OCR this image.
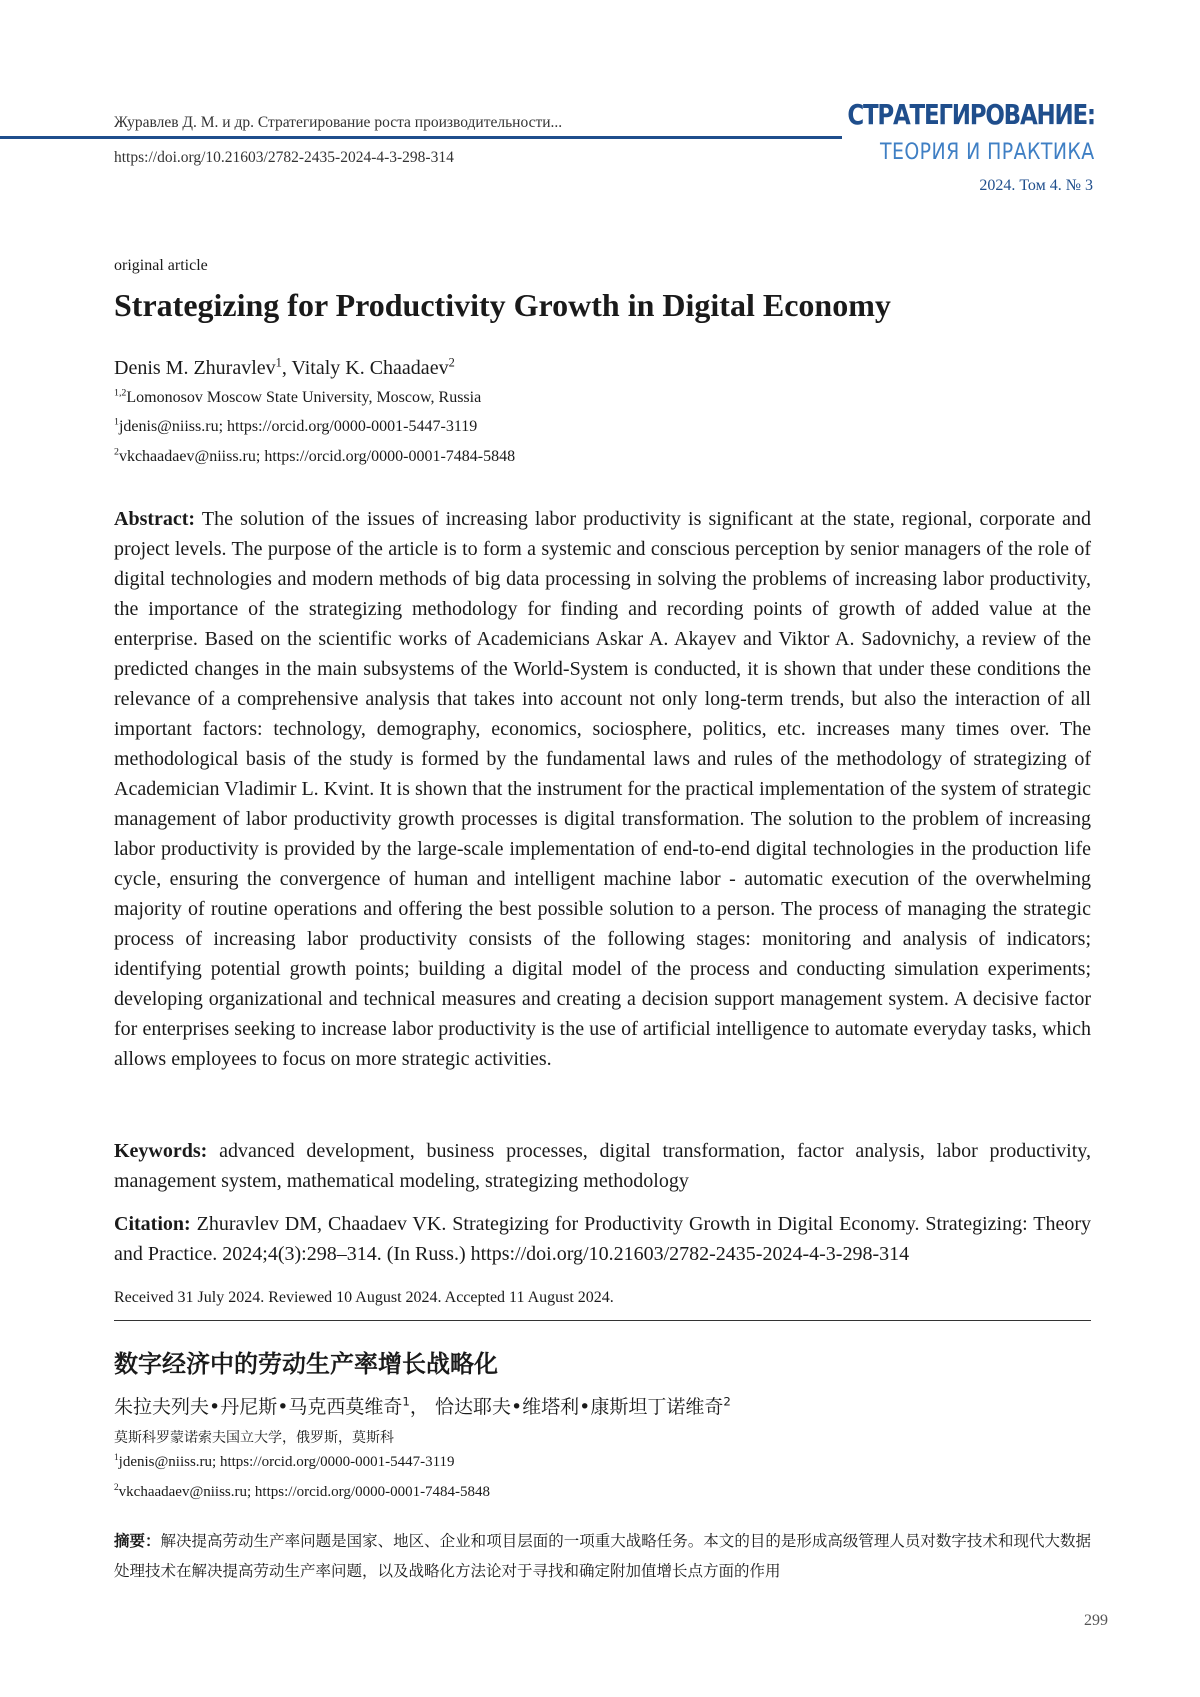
Журавлев Д. М. и др. Стратегирование роста производительности...
https://doi.org/10.21603/2782-2435-2024-4-3-298-314
СТРАТЕГИРОВАНИЕ:
ТЕОРИЯ И ПРАКТИКА
2024. Том 4. № 3
original article
Strategizing for Productivity Growth in Digital Economy
Denis M. Zhuravlev$^1$, Vitaly K. Chaadaev$^2$
$^{1,2}$Lomonosov Moscow State University, Moscow, Russia
$^1$jdenis@niiss.ru; https://orcid.org/0000-0001-5447-3119
$^2$vkchaadaev@niiss.ru; https://orcid.org/0000-0001-7484-5848

Abstract: The solution of the issues of increasing labor productivity is significant at the state, regional, corporate and project levels. The purpose of the article is to form a systemic and conscious perception by senior managers of the role of digital technologies and modern methods of big data processing in solving the problems of increasing labor productivity, the importance of the strategizing methodology for finding and recording points of growth of added value at the enterprise. Based on the scientific works of Academicians Askar A. Akayev and Viktor A. Sadovnichy, a review of the predicted changes in the main subsystems of the World-System is conducted, it is shown that under these conditions the relevance of a comprehensive analysis that takes into account not only long-term trends, but also the interaction of all important factors: technology, demography, economics, sociosphere, politics, etc. increases many times over. The methodological basis of the study is formed by the fundamental laws and rules of the methodology of strategizing of Academician Vladimir L. Kvint. It is shown that the instrument for the practical implementation of the system of strategic management of labor productivity growth processes is digital transformation. The solution to the problem of increasing labor productivity is provided by the large-scale implementation of end-to-end digital technologies in the production life cycle, ensuring the convergence of human and intelligent machine labor - automatic execution of the overwhelming majority of routine operations and offering the best possible solution to a person. The process of managing the strategic process of increasing labor productivity consists of the following stages: monitoring and analysis of indicators; identifying potential growth points; building a digital model of the process and conducting simulation experiments; developing organizational and technical measures and creating a decision support management system. A decisive factor for enterprises seeking to increase labor productivity is the use of artificial intelligence to automate everyday tasks, which allows employees to focus on more strategic activities.

Keywords: advanced development, business processes, digital transformation, factor analysis, labor productivity, management system, mathematical modeling, strategizing methodology

Citation: Zhuravlev DM, Chaadaev VK. Strategizing for Productivity Growth in Digital Economy. Strategizing: Theory and Practice. 2024;4(3):298–314. (In Russ.) https://doi.org/10.21603/2782-2435-2024-4-3-298-314

Received 31 July 2024. Reviewed 10 August 2024. Accepted 11 August 2024.
数字经济中的劳动生产率增长战略化
朱拉夫列夫•丹尼斯•马克西莫维奇$^1$， 恰达耶夫•维塔利•康斯坦丁诺维奇$^2$
莫斯科罗蒙诺索夫国立大学，俄罗斯，莫斯科
$^1$jdenis@niiss.ru; https://orcid.org/0000-0001-5447-3119
$^2$vkchaadaev@niiss.ru; https://orcid.org/0000-0001-7484-5848

摘要：解决提高劳动生产率问题是国家、地区、企业和项目层面的一项重大战略任务。本文的目的是形成高级管理人员对数字技术和现代大数据处理技术在解决提高劳动生产率问题，以及战略化方法论对于寻找和确定附加值增长点方面的作用

299
